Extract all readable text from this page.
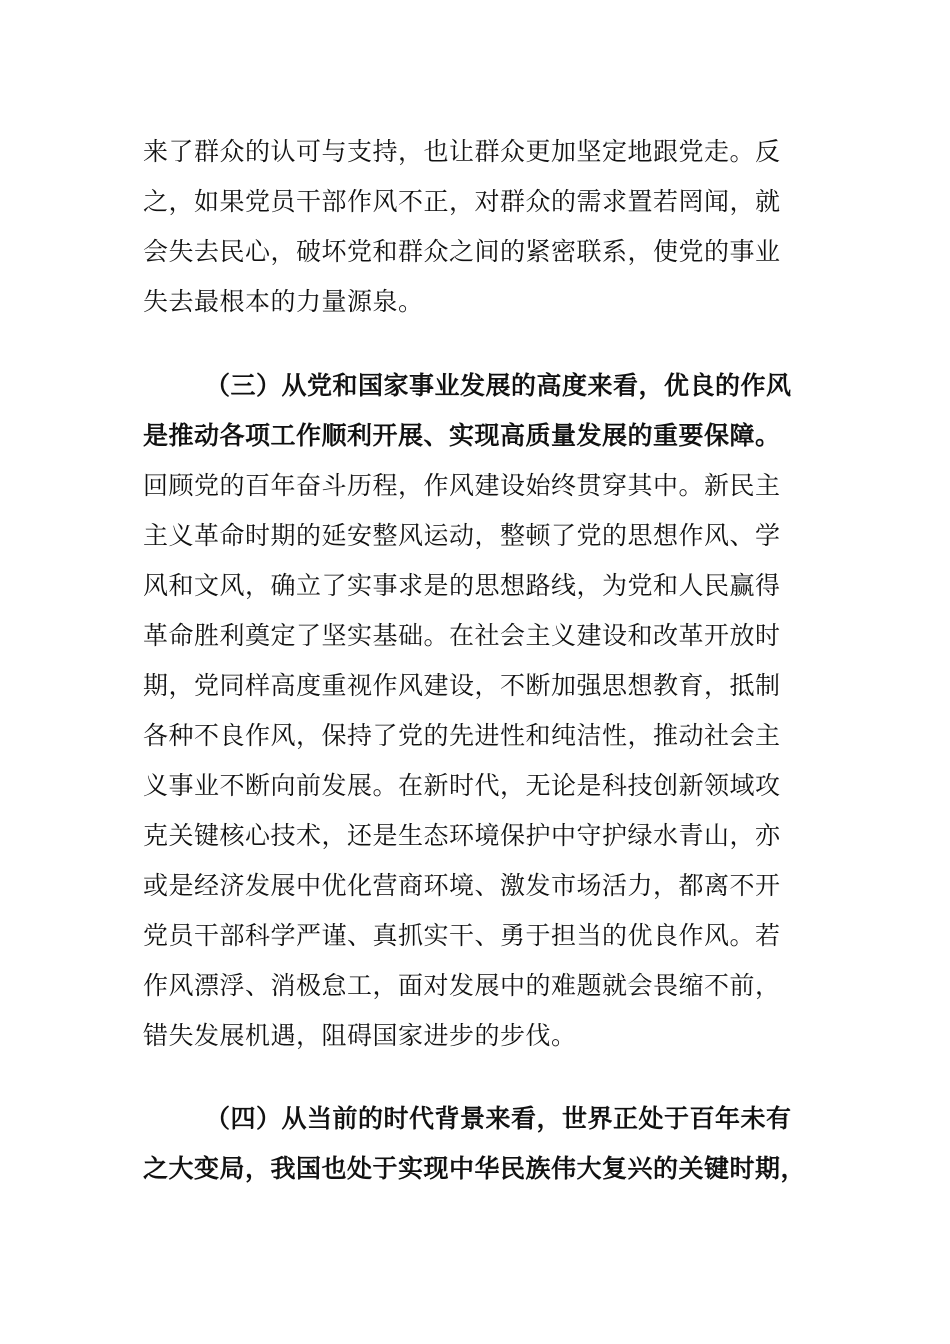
来了群众的认可与支持，也让群众更加坚定地跟党走。反
之，如果党员干部作风不正，对群众的需求置若罔闻，就
会失去民心，破坏党和群众之间的紧密联系，使党的事业
失去最根本的力量源泉。
（三）从党和国家事业发展的高度来看，优良的作风
是推动各项工作顺利开展、实现高质量发展的重要保障。
回顾党的百年奋斗历程，作风建设始终贯穿其中。新民主
主义革命时期的延安整风运动，整顿了党的思想作风、学
风和文风，确立了实事求是的思想路线，为党和人民赢得
革命胜利奠定了坚实基础。在社会主义建设和改革开放时
期，党同样高度重视作风建设，不断加强思想教育，抵制
各种不良作风，保持了党的先进性和纯洁性，推动社会主
义事业不断向前发展。在新时代，无论是科技创新领域攻
克关键核心技术，还是生态环境保护中守护绿水青山，亦
或是经济发展中优化营商环境、激发市场活力，都离不开
党员干部科学严谨、真抓实干、勇于担当的优良作风。若
作风漂浮、消极怠工，面对发展中的难题就会畏缩不前，
错失发展机遇，阻碍国家进步的步伐。
（四）从当前的时代背景来看，世界正处于百年未有
之大变局，我国也处于实现中华民族伟大复兴的关键时期，
